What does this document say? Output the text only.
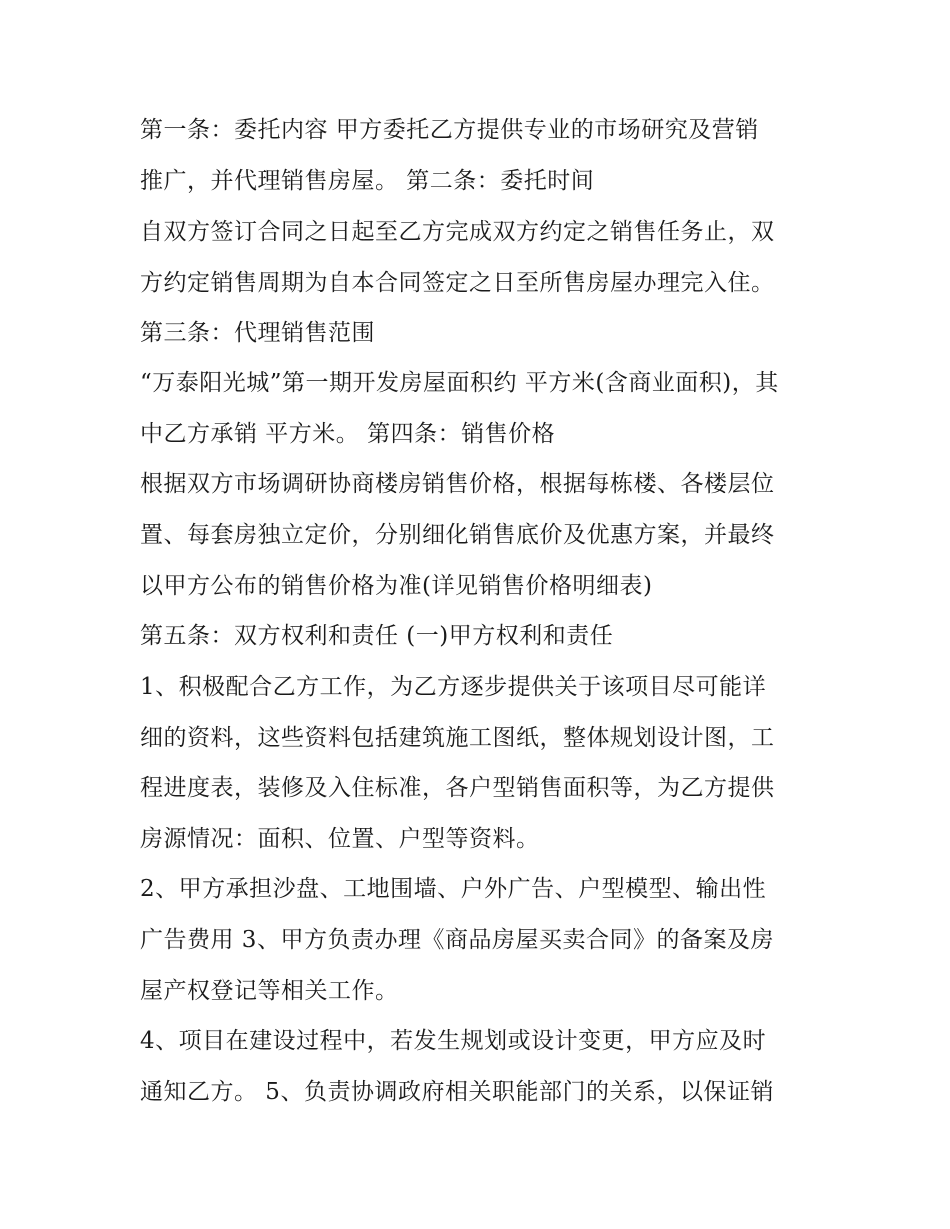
第一条：委托内容 甲方委托乙方提供专业的市场研究及营销
推广，并代理销售房屋。 第二条：委托时间
自双方签订合同之日起至乙方完成双方约定之销售任务止，双
方约定销售周期为自本合同签定之日至所售房屋办理完入住。
第三条：代理销售范围
“万泰阳光城”第一期开发房屋面积约 平方米(含商业面积)，其
中乙方承销 平方米。 第四条：销售价格
根据双方市场调研协商楼房销售价格，根据每栋楼、各楼层位
置、每套房独立定价，分别细化销售底价及优惠方案，并最终
以甲方公布的销售价格为准(详见销售价格明细表)
第五条：双方权利和责任 (一)甲方权利和责任
1、积极配合乙方工作，为乙方逐步提供关于该项目尽可能详
细的资料，这些资料包括建筑施工图纸，整体规划设计图，工
程进度表，装修及入住标准，各户型销售面积等，为乙方提供
房源情况：面积、位置、户型等资料。
2、甲方承担沙盘、工地围墙、户外广告、户型模型、输出性
广告费用 3、甲方负责办理《商品房屋买卖合同》的备案及房
屋产权登记等相关工作。
4、项目在建设过程中，若发生规划或设计变更，甲方应及时
通知乙方。 5、负责协调政府相关职能部门的关系，以保证销
